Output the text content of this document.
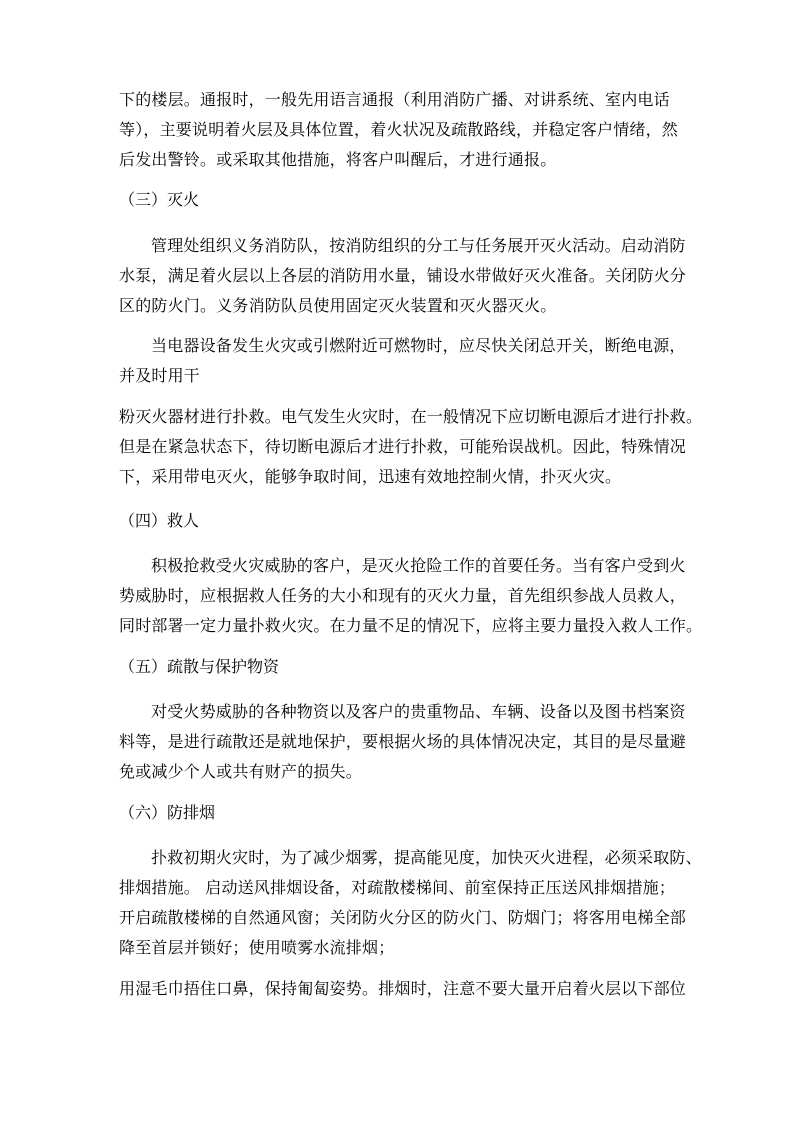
下的楼层。通报时，一般先用语言通报（利用消防广播、对讲系统、室内电话
等），主要说明着火层及具体位置，着火状况及疏散路线，并稳定客户情绪，然
后发出警铃。或采取其他措施，将客户叫醒后，才进行通报。

（三）灭火

管理处组织义务消防队，按消防组织的分工与任务展开灭火活动。启动消防
水泵，满足着火层以上各层的消防用水量，铺设水带做好灭火准备。关闭防火分
区的防火门。义务消防队员使用固定灭火装置和灭火器灭火。

当电器设备发生火灾或引燃附近可燃物时，应尽快关闭总开关，断绝电源，
并及时用干

粉灭火器材进行扑救。电气发生火灾时，在一般情况下应切断电源后才进行扑救。
但是在紧急状态下，待切断电源后才进行扑救，可能殆误战机。因此，特殊情况
下，采用带电灭火，能够争取时间，迅速有效地控制火情，扑灭火灾。

（四）救人

积极抢救受火灾威胁的客户，是灭火抢险工作的首要任务。当有客户受到火
势威胁时，应根据救人任务的大小和现有的灭火力量，首先组织参战人员救人，
同时部署一定力量扑救火灾。在力量不足的情况下，应将主要力量投入救人工作。

（五）疏散与保护物资

对受火势威胁的各种物资以及客户的贵重物品、车辆、设备以及图书档案资
料等，是进行疏散还是就地保护，要根据火场的具体情况决定，其目的是尽量避
免或减少个人或共有财产的损失。

（六）防排烟

扑救初期火灾时，为了减少烟雾，提高能见度，加快灭火进程，必须采取防、
排烟措施。 启动送风排烟设备，对疏散楼梯间、前室保持正压送风排烟措施；
开启疏散楼梯的自然通风窗；关闭防火分区的防火门、防烟门；将客用电梯全部
降至首层并锁好；使用喷雾水流排烟；

用湿毛巾捂住口鼻，保持匍匐姿势。排烟时，注意不要大量开启着火层以下部位
